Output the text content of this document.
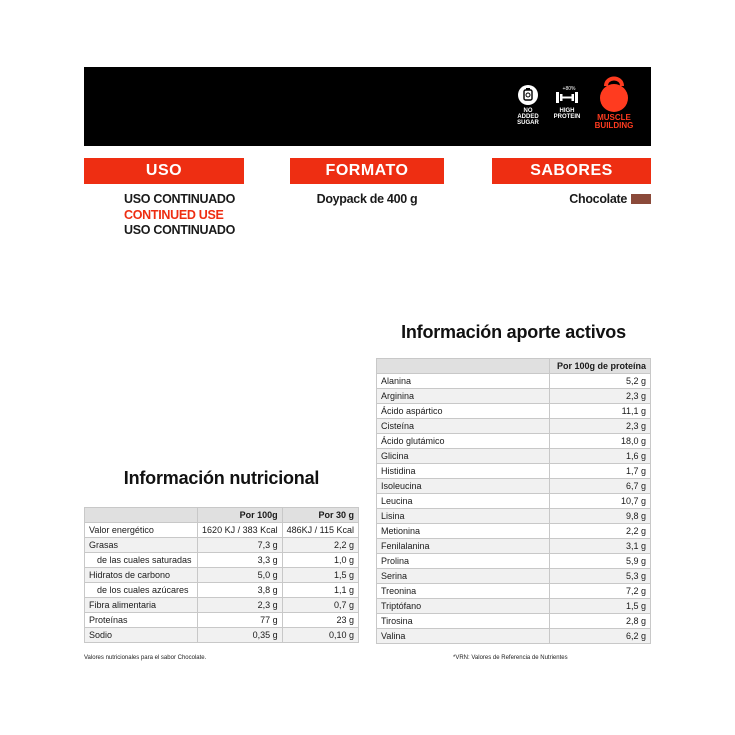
NO ADDED
SUGAR
+80%
HIGH
PROTEIN	MUSCLE
BUILDING
USO	FORMATO	SABORES
USO CONTINUADO
CONTINUED USE
USO CONTINUADO
Doypack de 400 g	Chocolate
Información aporte activos
	Por 100g de proteína
Alanina	5,2 g
Arginina	2,3 g
Ácido aspártico	11,1 g
Cisteína	2,3 g
Ácido glutámico	18,0 g
Glicina	1,6 g
Histidina	1,7 g
Isoleucina	6,7 g
Leucina	10,7 g
Lisina	9,8 g
Metionina	2,2 g
Fenilalanina	3,1 g
Prolina	5,9 g
Serina	5,3 g
Treonina	7,2 g
Triptófano	1,5 g
Tirosina	2,8 g
Valina	6,2 g
Información nutricional
	Por 100g	Por 30 g
Valor energético	1620 KJ / 383 Kcal	486KJ / 115 Kcal
Grasas	7,3 g	2,2 g
de las cuales saturadas	3,3 g	1,0 g
Hidratos de carbono	5,0 g	1,5 g
de los cuales azúcares	3,8 g	1,1 g
Fibra alimentaria	2,3 g	0,7 g
Proteínas	77 g	23 g
Sodio	0,35 g	0,10 g
Valores nutricionales para el sabor Chocolate.	*VRN: Valores de Referencia de Nutrientes
